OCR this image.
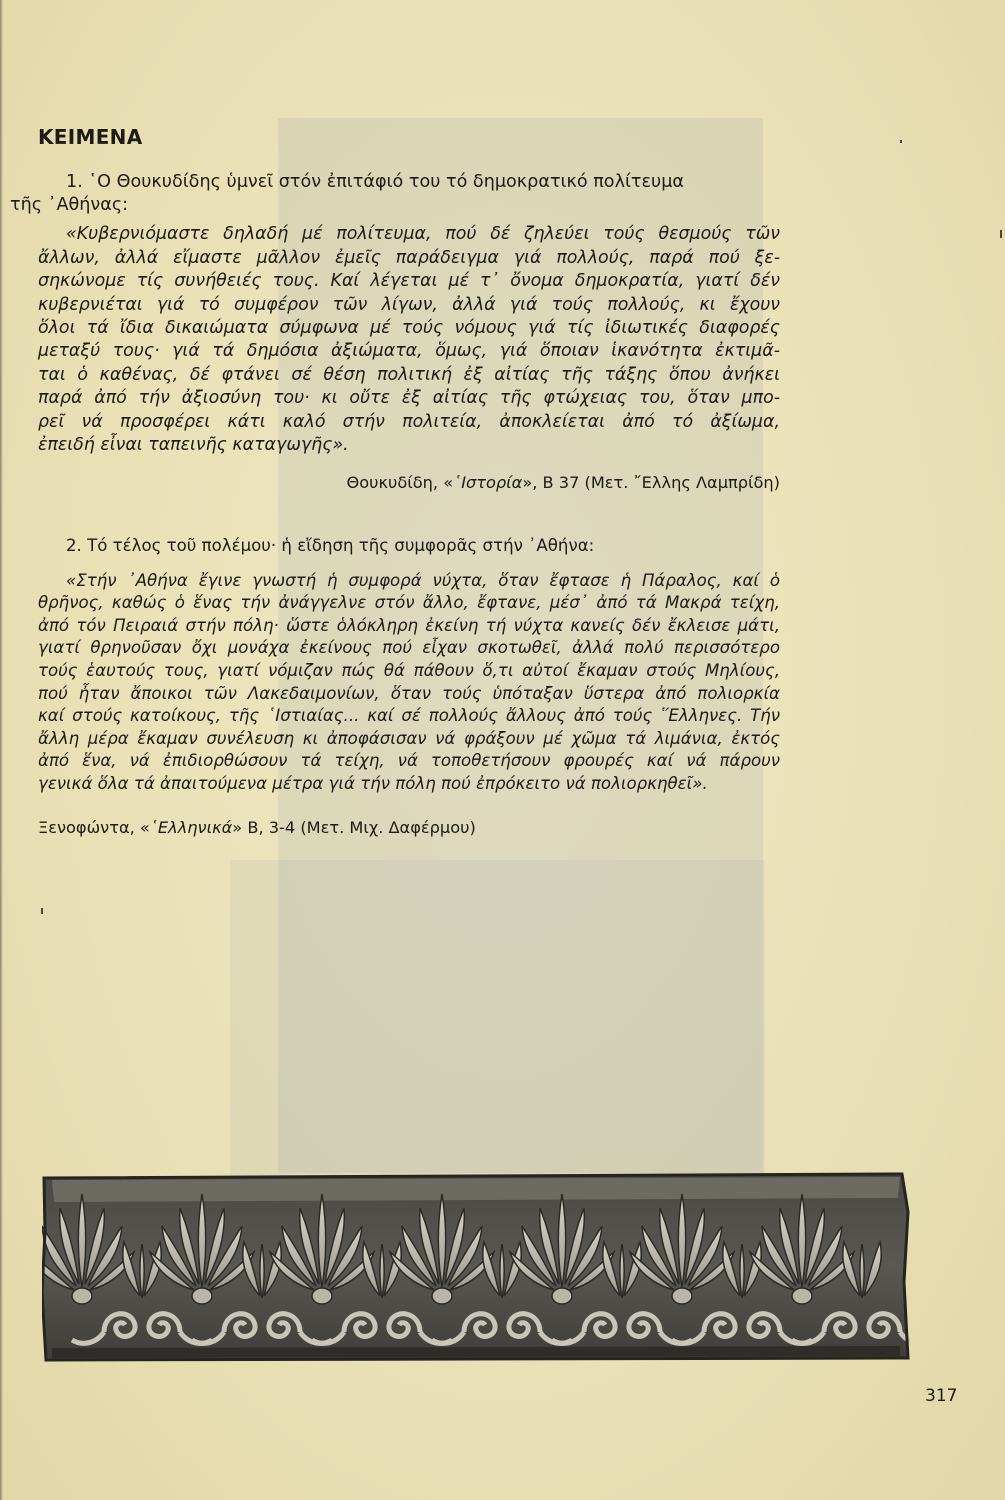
ΚΕΙΜΕΝΑ

1. ῾Ο Θουκυδίδης ὑμνεῖ στόν ἐπιτάφιό του τό δημοκρατικό πολίτευμα
τῆς ᾿Αθήνας:

«Κυβερνιόμαστε δηλαδή μέ πολίτευμα, πού δέ ζηλεύει τούς θεσμούς τῶν
ἄλλων, ἀλλά εἴμαστε μᾶλλον ἐμεῖς παράδειγμα γιά πολλούς, παρά πού ξε-
σηκώνομε τίς συνήθειές τους. Καί λέγεται μέ τ᾿ ὄνομα δημοκρατία, γιατί δέν
κυβερνιέται γιά τό συμφέρον τῶν λίγων, ἀλλά γιά τούς πολλούς, κι ἔχουν
ὅλοι τά ἴδια δικαιώματα σύμφωνα μέ τούς νόμους γιά τίς ἰδιωτικές διαφορές
μεταξύ τους· γιά τά δημόσια ἀξιώματα, ὅμως, γιά ὅποιαν ἱκανότητα ἐκτιμᾶ-
ται ὁ καθένας, δέ φτάνει σέ θέση πολιτική ἐξ αἰτίας τῆς τάξης ὅπου ἀνήκει
παρά ἀπό τήν ἀξιοσύνη του· κι οὔτε ἐξ αἰτίας τῆς φτώχειας του, ὅταν μπο-
ρεῖ νά προσφέρει κάτι καλό στήν πολιτεία, ἀποκλείεται ἀπό τό ἀξίωμα,
ἐπειδή εἶναι ταπεινῆς καταγωγῆς».
Θουκυδίδη, «῾Ιστορία», Β 37 (Μετ. ῎Ελλης Λαμπρίδη)

2. Τό τέλος τοῦ πολέμου· ἡ εἴδηση τῆς συμφορᾶς στήν ᾿Αθήνα:

«Στήν ᾿Αθήνα ἔγινε γνωστή ἡ συμφορά νύχτα, ὅταν ἔφτασε ἡ Πάραλος, καί ὁ
θρῆνος, καθώς ὁ ἕνας τήν ἀνάγγελνε στόν ἄλλο, ἔφτανε, μέσ᾿ ἀπό τά Μακρά τείχη,
ἀπό τόν Πειραιά στήν πόλη· ὥστε ὁλόκληρη ἐκείνη τή νύχτα κανείς δέν ἔκλεισε μάτι,
γιατί θρηνοῦσαν ὄχι μονάχα ἐκείνους πού εἶχαν σκοτωθεῖ, ἀλλά πολύ περισσότερο
τούς ἑαυτούς τους, γιατί νόμιζαν πώς θά πάθουν ὅ,τι αὐτοί ἔκαμαν στούς Μηλίους,
πού ἦταν ἄποικοι τῶν Λακεδαιμονίων, ὅταν τούς ὑπόταξαν ὕστερα ἀπό πολιορκία
καί στούς κατοίκους, τῆς ῾Ιστιαίας... καί σέ πολλούς ἄλλους ἀπό τούς ῞Ελληνες. Τήν
ἄλλη μέρα ἔκαμαν συνέλευση κι ἀποφάσισαν νά φράξουν μέ χῶμα τά λιμάνια, ἐκτός
ἀπό ἕνα, νά ἐπιδιορθώσουν τά τείχη, νά τοποθετήσουν φρουρές καί νά πάρουν
γενικά ὅλα τά ἀπαιτούμενα μέτρα γιά τήν πόλη πού ἐπρόκειτο νά πολιορκηθεῖ».
Ξενοφώντα, «῾Ελληνικά» Β, 3-4 (Μετ. Μιχ. Δαφέρμου)
317
